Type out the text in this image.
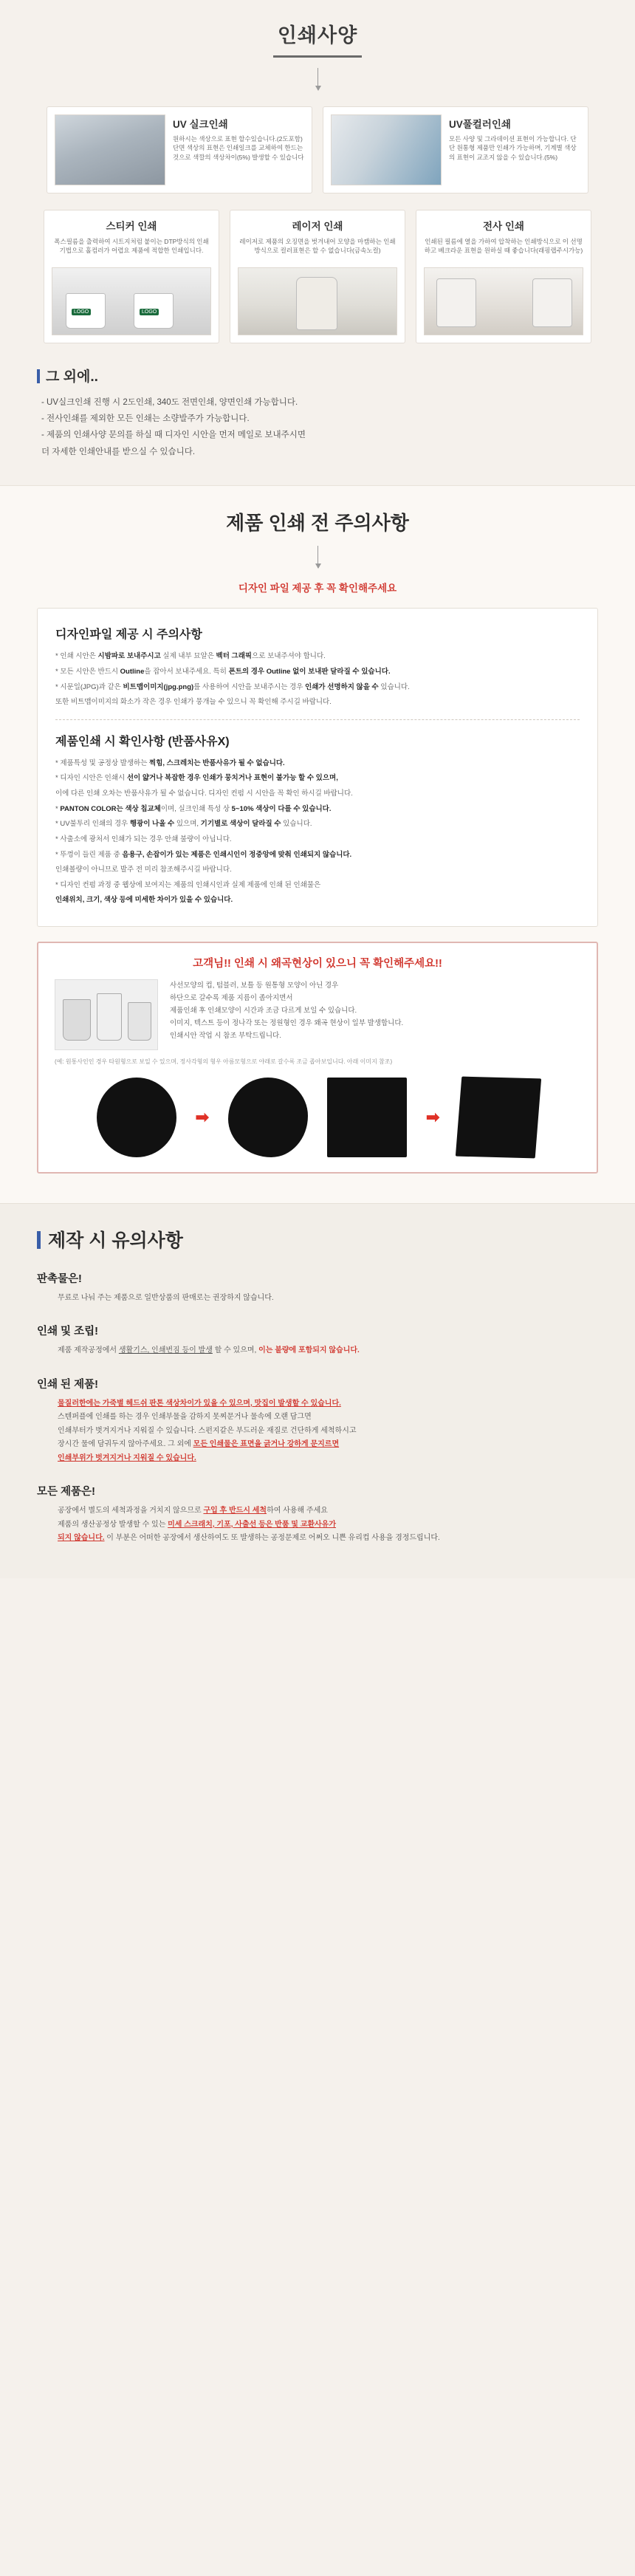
인쇄사양
UV 실크인쇄
원하시는 색상으로 표현 할수있습니다.(2도포함) 단면 색상의 표현은 인쇄일크를 교체하여 한드는 것으로 색깔의 색상차이(5%) 발생할 수 있습니다
UV풀컬러인쇄
모든 사양 및 그라데이션 표현이 가능합니다. 단단 원통형 제품만 인쇄가 가능하며, 기계별 색상의 표현이 교조지 않을 수 있습니다.(5%)
스티커 인쇄
폭스필름을 출력하여 시트지처럼 붙이는 DTP방식의 인쇄기법으로 홀컴러가 어렵요 제품에 적합한 인쇄입니다.
LOGO	LOGO
레이저 인쇄
레이저로 제품의 오징면을 벗겨내어 모양을 마캠하는 인쇄방식으로 컬러표현은 할 수 없습니다(금속노컬)
전사 인쇄
인쇄된 필름에 열을 가하여 압착하는 인쇄방식으로 이 선명하고 베크라운 표현을 원하실 때 좋습니다(래핑랩주시가능)
그 외에..
- UV실크인쇄 진행 시 2도인쇄, 340도 전면인쇄, 양면인쇄 가능합니다.
- 전사인쇄를 제외한 모든 인쇄는 소량발주가 가능합니다.
- 제품의 인쇄사양 문의를 하실 때 디자인 시안을 먼저 메일로 보내주시면
더 자세한 인쇄안내를 받으실 수 있습니다.
제품 인쇄 전 주의사항
디자인 파일 제공 후 꼭 확인해주세요
디자인파일 제공 시 주의사항
* 인쇄 시안은 시밤파로 보내주시고 실제 내부 묘알은 벡터 그래픽으로 보내주셔야 합니다.
* 모든 시안은 반드시 Outline을 잡아서 보내주세요. 특히 폰트의 경우 Outline 없이 보내판 달라질 수 있습니다.
* 시문일(JPG)과 같은 비트맵이미지(jpg.png)를 사용하여 시안을 보내주시는 경우 인쇄가 선명하지 않을 수 있습니다.
또한 비트맵이미지의 화소가 작은 경우 인쇄가 뭉개늘 수 있으니 꼭 확인해 주시길 바랍니다.
제품인쇄 시 확인사항 (반품사유X)
* 제품특성 및 공정상 발생하는 찍힘, 스크레치는 반품사유가 될 수 없습니다.
* 디자인 시안은 인쇄시 선이 얇거나 복잡한 경우 인쇄가 뭉치거나 표현이 불가능 할 수 있으며,
이에 다른 인쇄 오차는 반품사유가 될 수 없습니다. 디자인 컨펌 시 시안을 꼭 확인 하시길 바랍니다.
* PANTON COLOR는 색상 칩교체이며, 실크인쇄 특성 상 5~10% 색상이 다를 수 있습니다.
* UV불투리 인쇄의 경우 행광이 나올 수 있으며, 기기별로 색상이 달라질 수 있습니다.
* 사출소에 광처서 인쇄가 되는 경우 안쇄 불량이 아닙니다.
* 뚜껑이 들린 제품 중 음용구, 손잡이가 있는 제품은 인쇄시인이 정중앙에 맞춰 인쇄되지 않습니다.
인쇄볼량이 아니므로 발주 전 미리 참조해주시길 바랍니다.
* 디자인 컨펌 과정 중 웹상에 보여지는 제품의 인쇄시인과 실제 제품에 인쇄 된 인쇄물은
인쇄위치, 크기, 색상 등에 미세한 차이가 있을 수 있습니다.
고객님!! 인쇄 시 왜곡현상이 있으니 꼭 확인해주세요!!
사선모양의 컵, 텀블러, 보틀 등 원통형 모양이 아닌 경우
하단으로 갈수록 제품 지름이 좁아지면서
제품인쇄 후 인쇄모양이 시간과 조금 다르게 보일 수 있습니다.
이미지, 텍스트 등이 정나각 또는 정원형인 경우 왜곡 현상이 일부 발생합니다.
인쇄시안 작업 시 참조 부탁드립니다.
(예: 원통사인인 경우 타원형으로 보일 수 있으며, 정사각형의 형우 아름모형으로 야래로 갈수록 조금 좁아보입니다. 아래 이미지 참조)
➡	➡
제작 시 유의사항
판촉물은!
무료로 나눠 주는 제품으로 일반상품의 판매로는 권장하지 않습니다.
인쇄 및 조립!
제품 제작공정에서 생활기스, 인쇄번짐 등이 발생 할 수 있으며, 이는 불량에 포함되지 않습니다.
인쇄 된 제품!
물질러한에는 가죽별 헤드쉬 판톤 색상차이가 있을 수 있으며, 맛집이 발생할 수 있습니다.
스텐퍼플에 인쇄를 하는 경우 인쇄부물을 감하지 못찌문거나 물속에 오랜 담그면
인쇄부터가 벗겨지거나 지워질 수 있습니다. 스펀지같은 부드러운 재질로 건단하게 세척하시고
장시간 물에 담궈두지 않아주세요. 그 외에 모든 인쇄물은 표면을 긁거나 강하게 문지르면
인쇄부위가 벗겨지거나 지워질 수 있습니다.
모든 제품은!
공장에서 별도의 세척과정을 거치지 않으므로 구입 후 반드시 세척하여 사용해 주세요
제품의 생산공정상 발생할 수 있는 미세 스크래치, 기포, 사출선 등은 반품 및 교환사유가
되지 않습니다. 이 부분은 어떠한 공장에서 생산하여도 또 발생하는 공정문제로 어쩌오 니쁜 유리컵 사용을 경정드립니다.
